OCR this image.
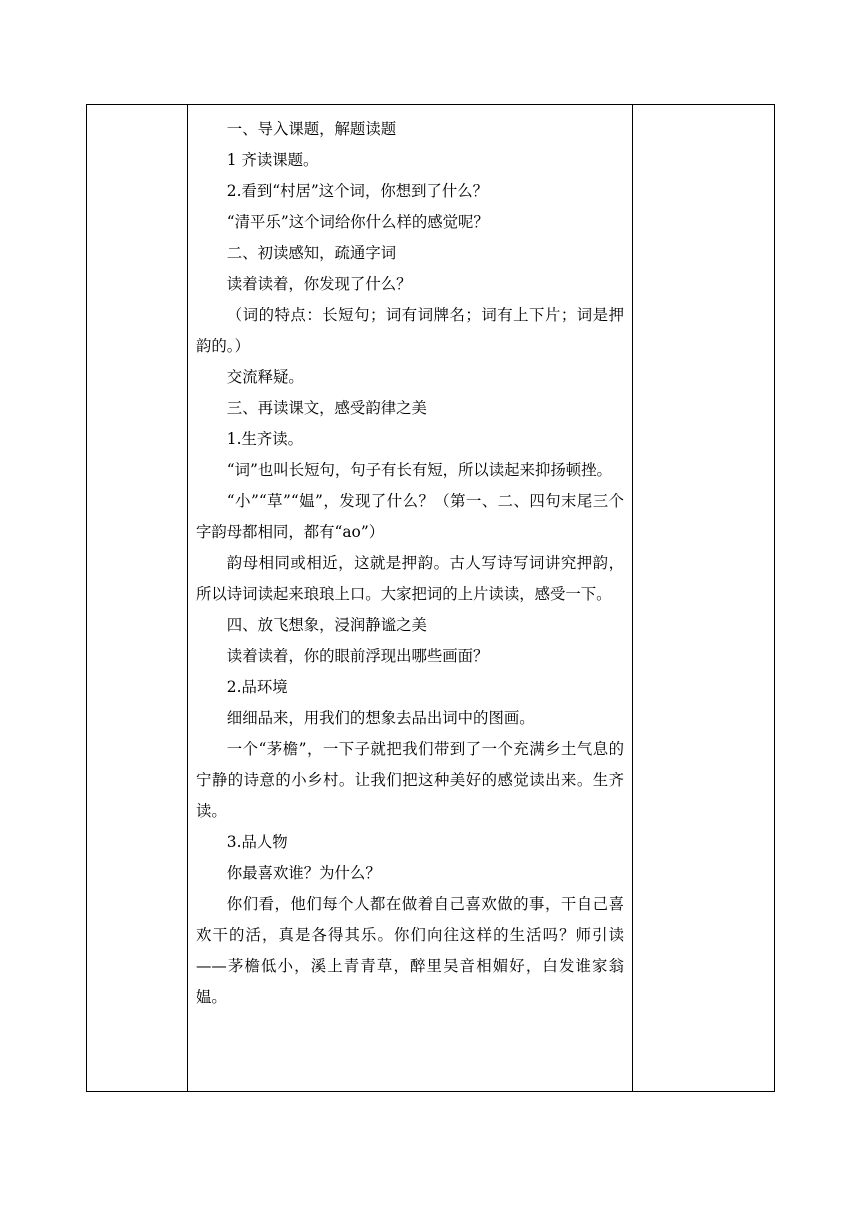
一、导入课题，解题读题

1 齐读课题。

2.看到“村居”这个词，你想到了什么？

“清平乐”这个词给你什么样的感觉呢？

二、初读感知，疏通字词

读着读着，你发现了什么？

（词的特点：长短句；词有词牌名；词有上下片；词是押韵的。）

交流释疑。

三、再读课文，感受韵律之美

1.生齐读。

“词”也叫长短句，句子有长有短，所以读起来抑扬顿挫。

“小”“草”“媪”，发现了什么？（第一、二、四句末尾三个字韵母都相同，都有“ao”）

韵母相同或相近，这就是押韵。古人写诗写词讲究押韵，所以诗词读起来琅琅上口。大家把词的上片读读，感受一下。

四、放飞想象，浸润静谧之美

读着读着，你的眼前浮现出哪些画面？

2.品环境

细细品来，用我们的想象去品出词中的图画。

一个“茅檐”，一下子就把我们带到了一个充满乡土气息的宁静的诗意的小乡村。让我们把这种美好的感觉读出来。生齐读。

3.品人物

你最喜欢谁？为什么？

你们看，他们每个人都在做着自己喜欢做的事，干自己喜欢干的活，真是各得其乐。你们向往这样的生活吗？师引读——茅檐低小，溪上青青草，醉里吴音相媚好，白发谁家翁媪。
